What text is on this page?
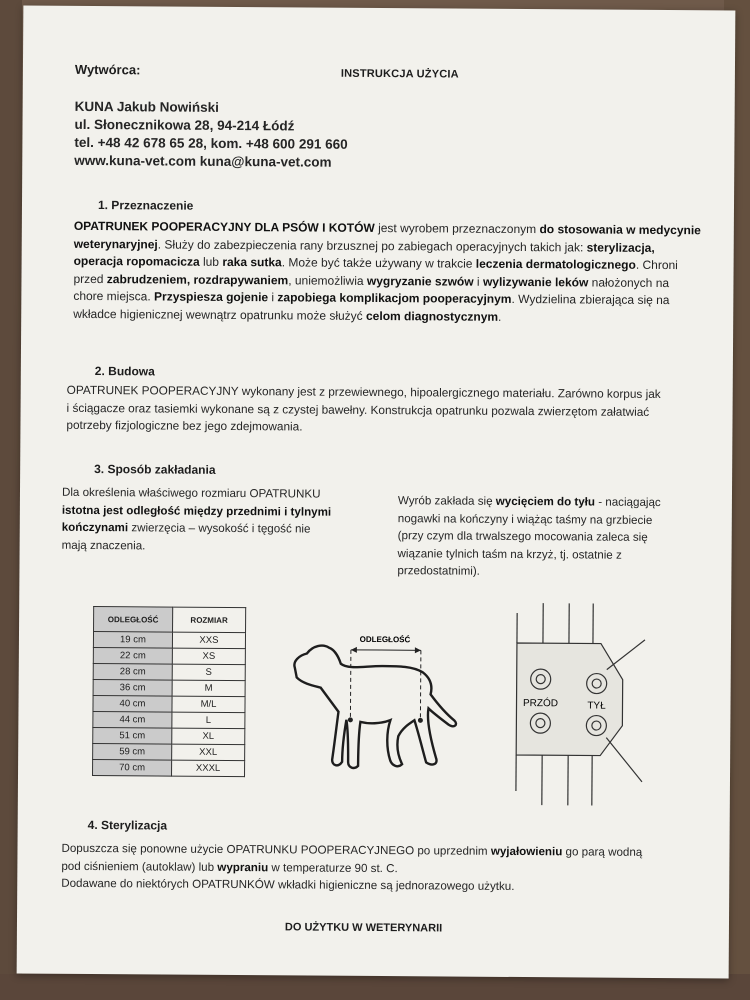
Wytwórca:	INSTRUKCJA UŻYCIA
KUNA Jakub Nowiński
ul. Słonecznikowa 28, 94-214 Łódź
tel. +48 42 678 65 28, kom. +48 600 291 660
www.kuna-vet.com kuna@kuna-vet.com
1. Przeznaczenie
OPATRUNEK POOPERACYJNY DLA PSÓW I KOTÓW jest wyrobem przeznaczonym do stosowania w medycynie
weterynaryjnej. Służy do zabezpieczenia rany brzusznej po zabiegach operacyjnych takich jak: sterylizacja,
operacja ropomacicza lub raka sutka. Może być także używany w trakcie leczenia dermatologicznego. Chroni
przed zabrudzeniem, rozdrapywaniem, uniemożliwia wygryzanie szwów i wylizywanie leków nałożonych na
chore miejsca. Przyspiesza gojenie i zapobiega komplikacjom pooperacyjnym. Wydzielina zbierająca się na
wkładce higienicznej wewnątrz opatrunku może służyć celom diagnostycznym.
2. Budowa
OPATRUNEK POOPERACYJNY wykonany jest z przewiewnego, hipoalergicznego materiału. Zarówno korpus jak
i ściągacze oraz tasiemki wykonane są z czystej bawełny. Konstrukcja opatrunku pozwala zwierzętom załatwiać
potrzeby fizjologiczne bez jego zdejmowania.
3. Sposób zakładania
Dla określenia właściwego rozmiaru OPATRUNKU
istotna jest odległość między przednimi i tylnymi
kończynami zwierzęcia – wysokość i tęgość nie
mają znaczenia.
Wyrób zakłada się wycięciem do tyłu - naciągając
nogawki na kończyny i wiążąc taśmy na grzbiecie
(przy czym dla trwalszego mocowania zaleca się
wiązanie tylnich taśm na krzyż, tj. ostatnie z
przedostatnimi).
ODLEGŁOŚĆ	ROZMIAR
19 cm	XXS
22 cm	XS
28 cm	S
36 cm	M
40 cm	M/L
44 cm	L
51 cm	XL
59 cm	XXL
70 cm	XXXL
ODLEGŁOŚĆ
PRZÓD	TYŁ
4. Sterylizacja
Dopuszcza się ponowne użycie OPATRUNKU POOPERACYJNEGO po uprzednim wyjałowieniu go parą wodną
pod ciśnieniem (autoklaw) lub wypraniu w temperaturze 90 st. C.
Dodawane do niektórych OPATRUNKÓW wkładki higieniczne są jednorazowego użytku.
DO UŻYTKU W WETERYNARII
